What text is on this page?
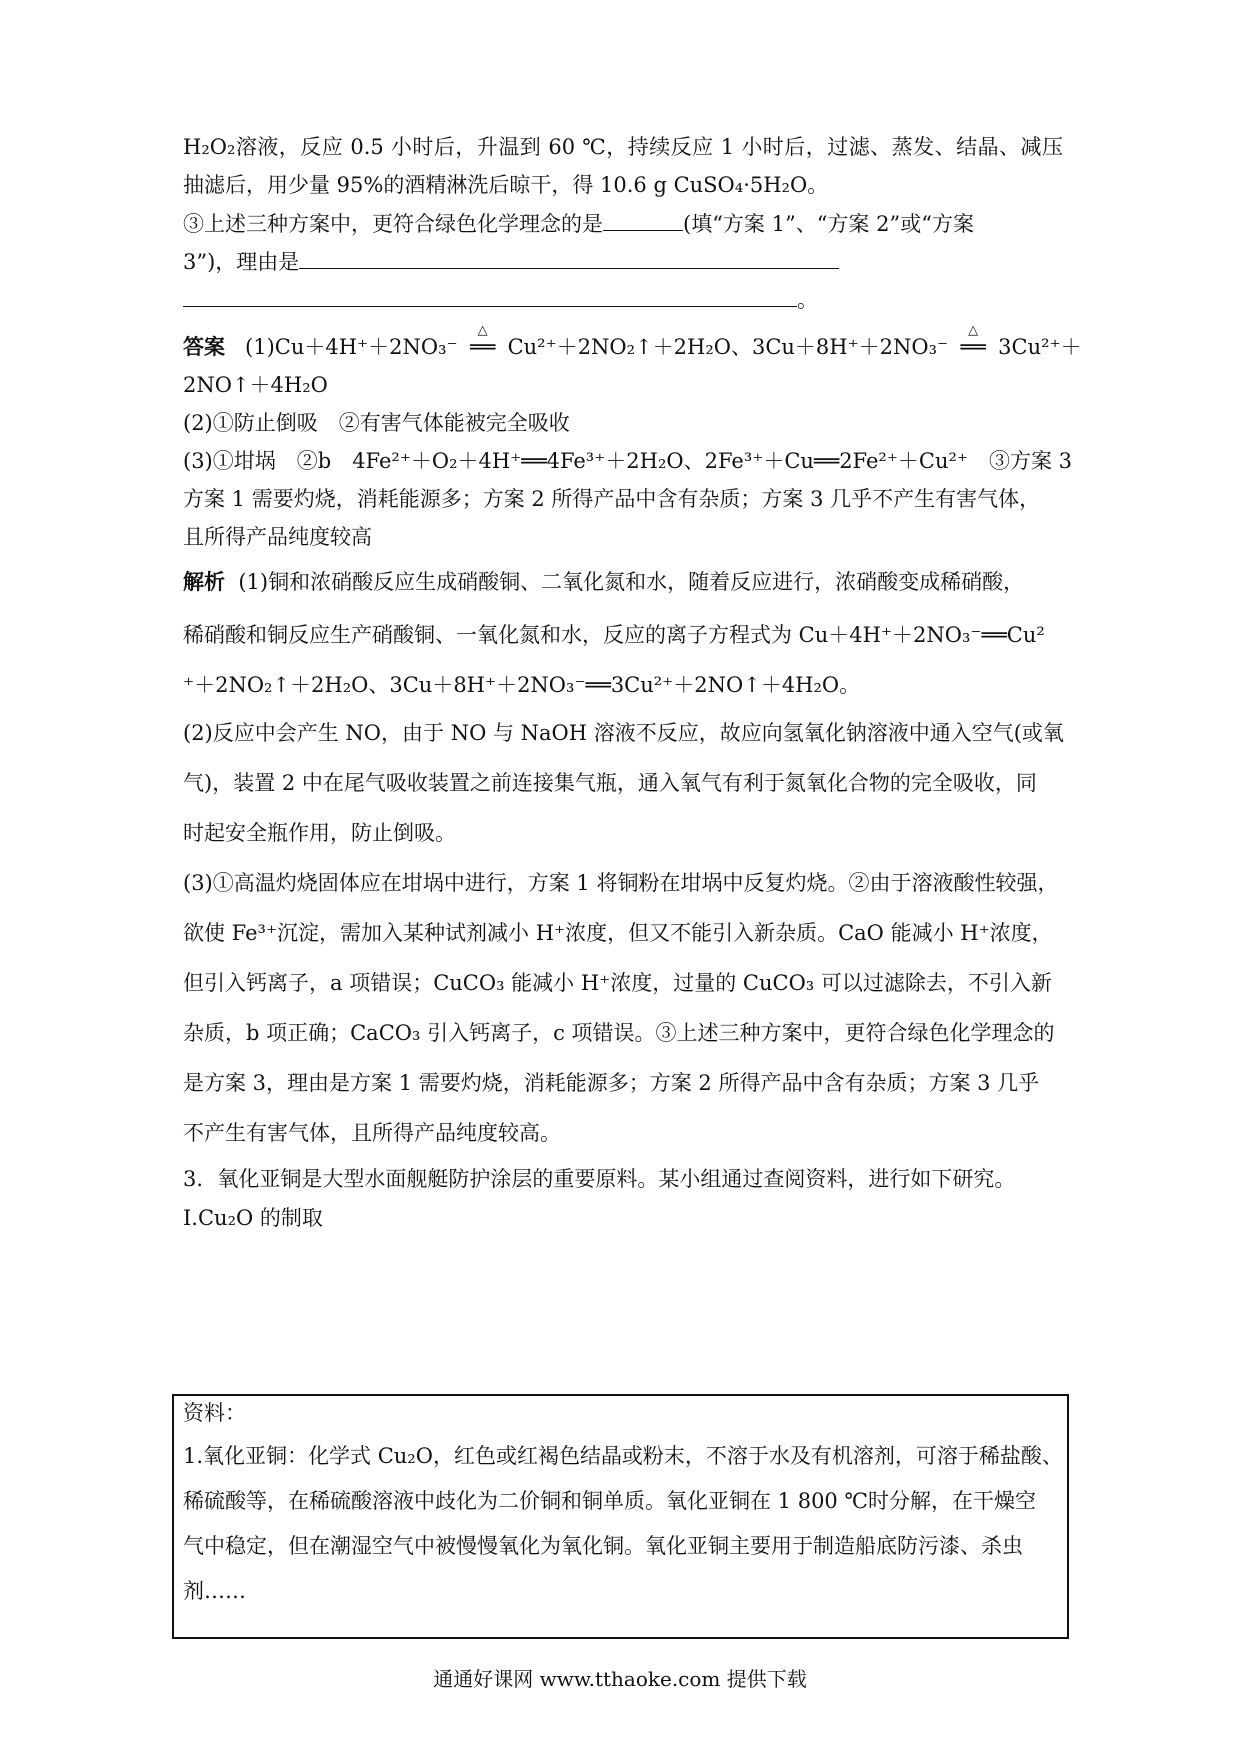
H₂O₂溶液，反应 0.5 小时后，升温到 60 ℃，持续反应 1 小时后，过滤、蒸发、结晶、减压
抽滤后，用少量 95%的酒精淋洗后晾干，得 10.6 g CuSO₄·5H₂O。
③上述三种方案中，更符合绿色化学理念的是	(填“方案 1”、“方案 2”或“方案
3”)，理由是
。
答案 (1)Cu＋4H⁺＋2NO₃⁻
△
══ Cu²⁺＋2NO₂↑＋2H₂O、3Cu＋8H⁺＋2NO₃⁻
△
══ 3Cu²⁺＋
2NO↑＋4H₂O
(2)①防止倒吸　②有害气体能被完全吸收
(3)①坩埚　②b　4Fe²⁺＋O₂＋4H⁺══4Fe³⁺＋2H₂O、2Fe³⁺＋Cu══2Fe²⁺＋Cu²⁺　③方案 3
方案 1 需要灼烧，消耗能源多；方案 2 所得产品中含有杂质；方案 3 几乎不产生有害气体，
且所得产品纯度较高
解析 (1)铜和浓硝酸反应生成硝酸铜、二氧化氮和水，随着反应进行，浓硝酸变成稀硝酸，
稀硝酸和铜反应生产硝酸铜、一氧化氮和水，反应的离子方程式为 Cu＋4H⁺＋2NO₃⁻══Cu²
⁺＋2NO₂↑＋2H₂O、3Cu＋8H⁺＋2NO₃⁻══3Cu²⁺＋2NO↑＋4H₂O。
(2)反应中会产生 NO，由于 NO 与 NaOH 溶液不反应，故应向氢氧化钠溶液中通入空气(或氧
气)，装置 2 中在尾气吸收装置之前连接集气瓶，通入氧气有利于氮氧化合物的完全吸收，同
时起安全瓶作用，防止倒吸。
(3)①高温灼烧固体应在坩埚中进行，方案 1 将铜粉在坩埚中反复灼烧。②由于溶液酸性较强，
欲使 Fe³⁺沉淀，需加入某种试剂减小 H⁺浓度，但又不能引入新杂质。CaO 能减小 H⁺浓度，
但引入钙离子，a 项错误；CuCO₃ 能减小 H⁺浓度，过量的 CuCO₃ 可以过滤除去，不引入新
杂质，b 项正确；CaCO₃ 引入钙离子，c 项错误。③上述三种方案中，更符合绿色化学理念的
是方案 3，理由是方案 1 需要灼烧，消耗能源多；方案 2 所得产品中含有杂质；方案 3 几乎
不产生有害气体，且所得产品纯度较高。
3．氧化亚铜是大型水面舰艇防护涂层的重要原料。某小组通过查阅资料，进行如下研究。
Ⅰ.Cu₂O 的制取
资料：
1.氧化亚铜：化学式 Cu₂O，红色或红褐色结晶或粉末，不溶于水及有机溶剂，可溶于稀盐酸、
稀硫酸等，在稀硫酸溶液中歧化为二价铜和铜单质。氧化亚铜在 1 800 ℃时分解，在干燥空
气中稳定，但在潮湿空气中被慢慢氧化为氧化铜。氧化亚铜主要用于制造船底防污漆、杀虫
剂……
通通好课网 www.tthaoke.com 提供下载
